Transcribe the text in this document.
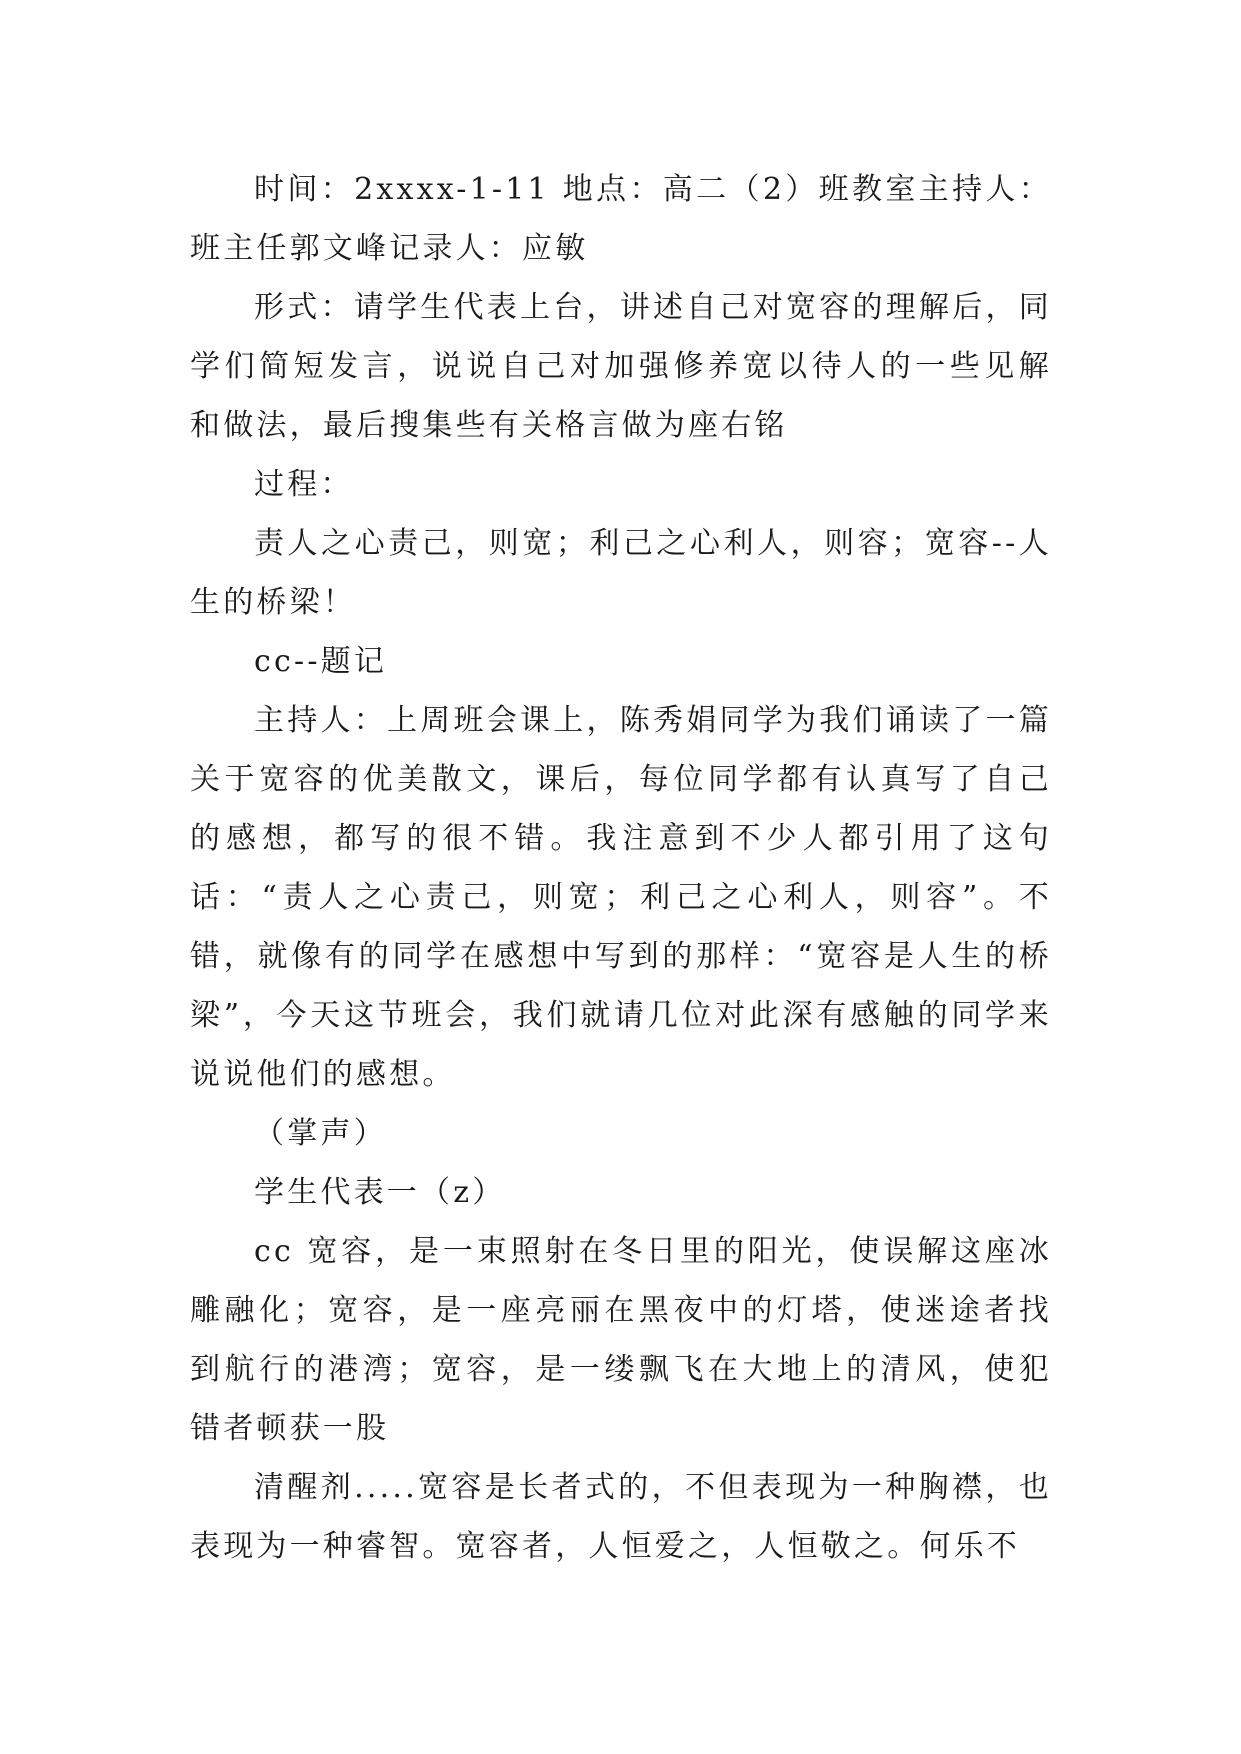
时间：2xxxx-1-11 地点：高二（2）班教室主持人：班主任郭文峰记录人：应敏

形式：请学生代表上台，讲述自己对宽容的理解后，同学们简短发言，说说自己对加强修养宽以待人的一些见解和做法，最后搜集些有关格言做为座右铭

过程：

责人之心责己，则宽；利己之心利人，则容；宽容--人生的桥梁！

cc--题记

主持人：上周班会课上，陈秀娟同学为我们诵读了一篇关于宽容的优美散文，课后，每位同学都有认真写了自己的感想，都写的很不错。我注意到不少人都引用了这句话：“责人之心责己，则宽；利己之心利人，则容”。不错，就像有的同学在感想中写到的那样：“宽容是人生的桥梁”，今天这节班会，我们就请几位对此深有感触的同学来说说他们的感想。

（掌声）

学生代表一（z）

cc 宽容，是一束照射在冬日里的阳光，使误解这座冰雕融化；宽容，是一座亮丽在黑夜中的灯塔，使迷途者找到航行的港湾；宽容，是一缕飘飞在大地上的清风，使犯错者顿获一股

清醒剂.....宽容是长者式的，不但表现为一种胸襟，也表现为一种睿智。宽容者，人恒爱之，人恒敬之。何乐不
